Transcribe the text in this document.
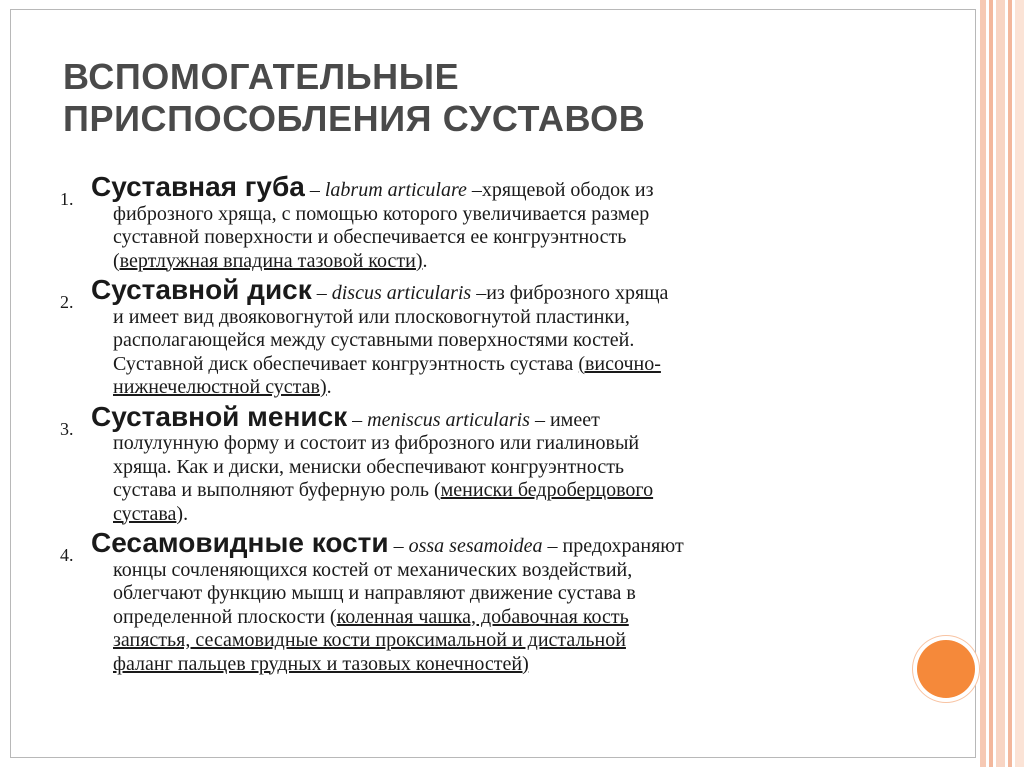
ВСПОМОГАТЕЛЬНЫЕ
ПРИСПОСОБЛЕНИЯ СУСТАВОВ
1. Суставная губа – labrum articulare –хрящевой ободок из
фиброзного хряща, с помощью которого увеличивается размер
суставной поверхности и обеспечивается ее конгруэнтность
(вертлужная впадина тазовой кости).
2. Суставной диск – discus articularis –из фиброзного хряща
и имеет вид двояковогнутой или плосковогнутой пластинки,
располагающейся между суставными поверхностями костей.
Суставной диск обеспечивает конгруэнтность сустава (височно-
нижнечелюстной сустав).
3. Суставной мениск – meniscus articularis – имеет
полулунную форму и состоит из фиброзного или гиалиновый
хряща. Как и диски, мениски обеспечивают конгруэнтность
сустава и выполняют буферную роль (мениски бедроберцового
сустава).
4. Сесамовидные кости – ossa sesamoidea – предохраняют
концы сочленяющихся костей от механических воздействий,
облегчают функцию мышц и направляют движение сустава в
определенной плоскости (коленная чашка, добавочная кость
запястья, сесамовидные кости проксимальной и дистальной
фаланг пальцев грудных и тазовых конечностей)
